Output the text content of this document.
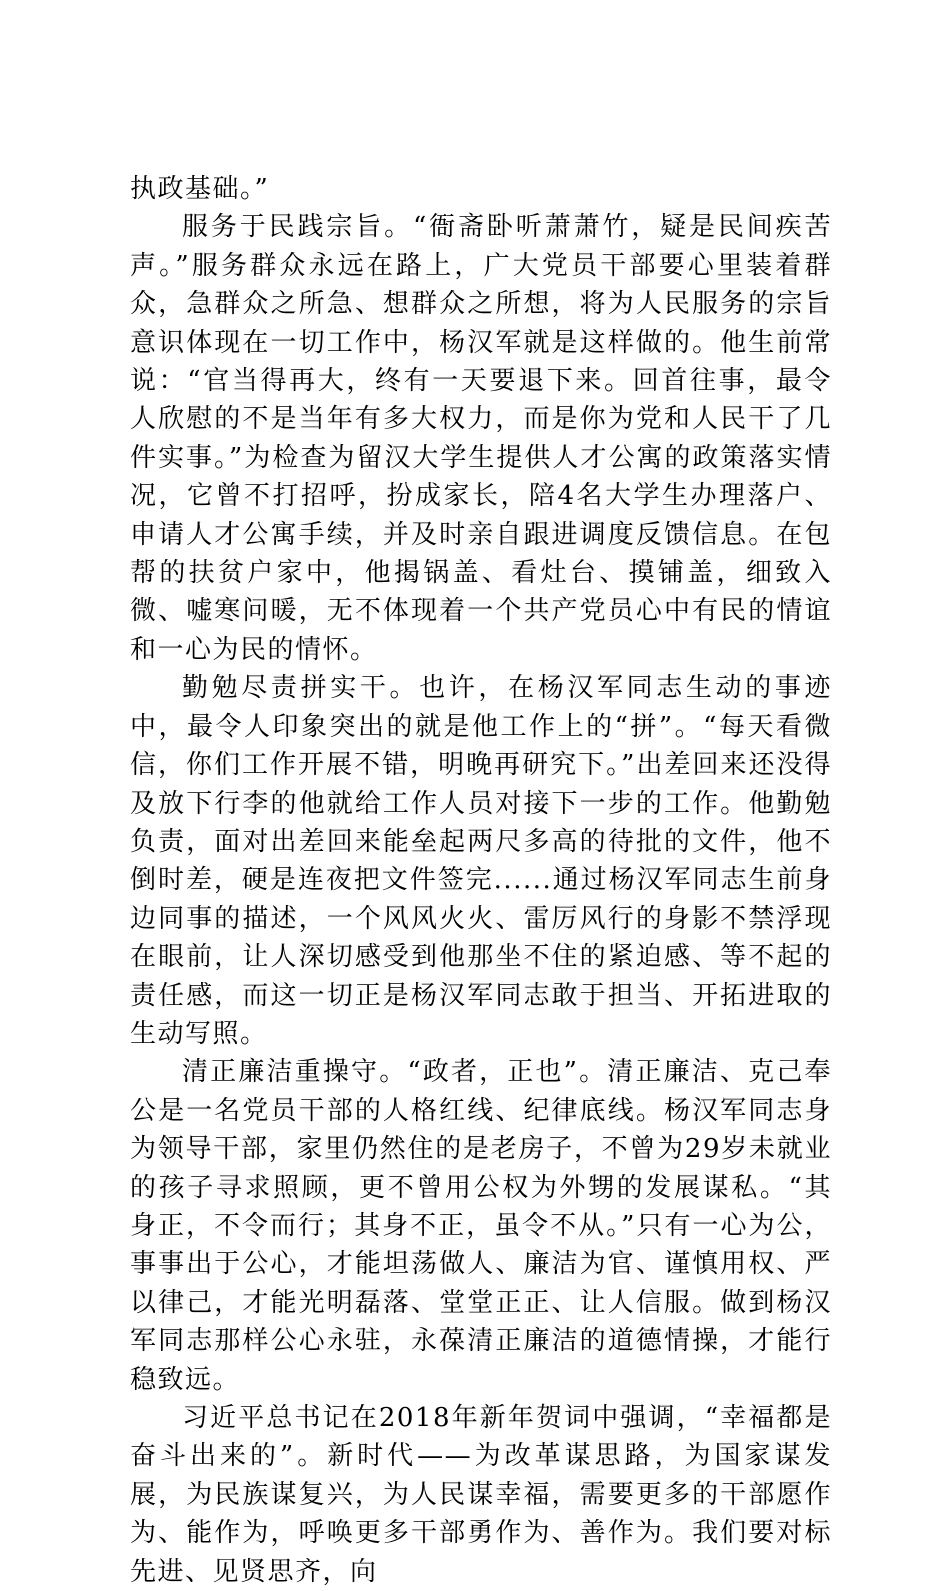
执政基础。”

服务于民践宗旨。“衙斋卧听萧萧竹，疑是民间疾苦声。”服务群众永远在路上，广大党员干部要心里装着群众，急群众之所急、想群众之所想，将为人民服务的宗旨意识体现在一切工作中，杨汉军就是这样做的。他生前常说：“官当得再大，终有一天要退下来。回首往事，最令人欣慰的不是当年有多大权力，而是你为党和人民干了几件实事。”为检查为留汉大学生提供人才公寓的政策落实情况，它曾不打招呼，扮成家长，陪4名大学生办理落户、申请人才公寓手续，并及时亲自跟进调度反馈信息。在包帮的扶贫户家中，他揭锅盖、看灶台、摸铺盖，细致入微、嘘寒问暖，无不体现着一个共产党员心中有民的情谊和一心为民的情怀。

勤勉尽责拼实干。也许，在杨汉军同志生动的事迹中，最令人印象突出的就是他工作上的“拼”。“每天看微信，你们工作开展不错，明晚再研究下。”出差回来还没得及放下行李的他就给工作人员对接下一步的工作。他勤勉负责，面对出差回来能垒起两尺多高的待批的文件，他不倒时差，硬是连夜把文件签完......通过杨汉军同志生前身边同事的描述，一个风风火火、雷厉风行的身影不禁浮现在眼前，让人深切感受到他那坐不住的紧迫感、等不起的责任感，而这一切正是杨汉军同志敢于担当、开拓进取的生动写照。

清正廉洁重操守。“政者，正也”。清正廉洁、克己奉公是一名党员干部的人格红线、纪律底线。杨汉军同志身为领导干部，家里仍然住的是老房子，不曾为29岁未就业的孩子寻求照顾，更不曾用公权为外甥的发展谋私。“其身正，不令而行；其身不正，虽令不从。”只有一心为公，事事出于公心，才能坦荡做人、廉洁为官、谨慎用权、严以律己，才能光明磊落、堂堂正正、让人信服。做到杨汉军同志那样公心永驻，永葆清正廉洁的道德情操，才能行稳致远。

习近平总书记在2018年新年贺词中强调，“幸福都是奋斗出来的”。新时代——为改革谋思路，为国家谋发展，为民族谋复兴，为人民谋幸福，需要更多的干部愿作为、能作为，呼唤更多干部勇作为、善作为。我们要对标先进、见贤思齐，向
